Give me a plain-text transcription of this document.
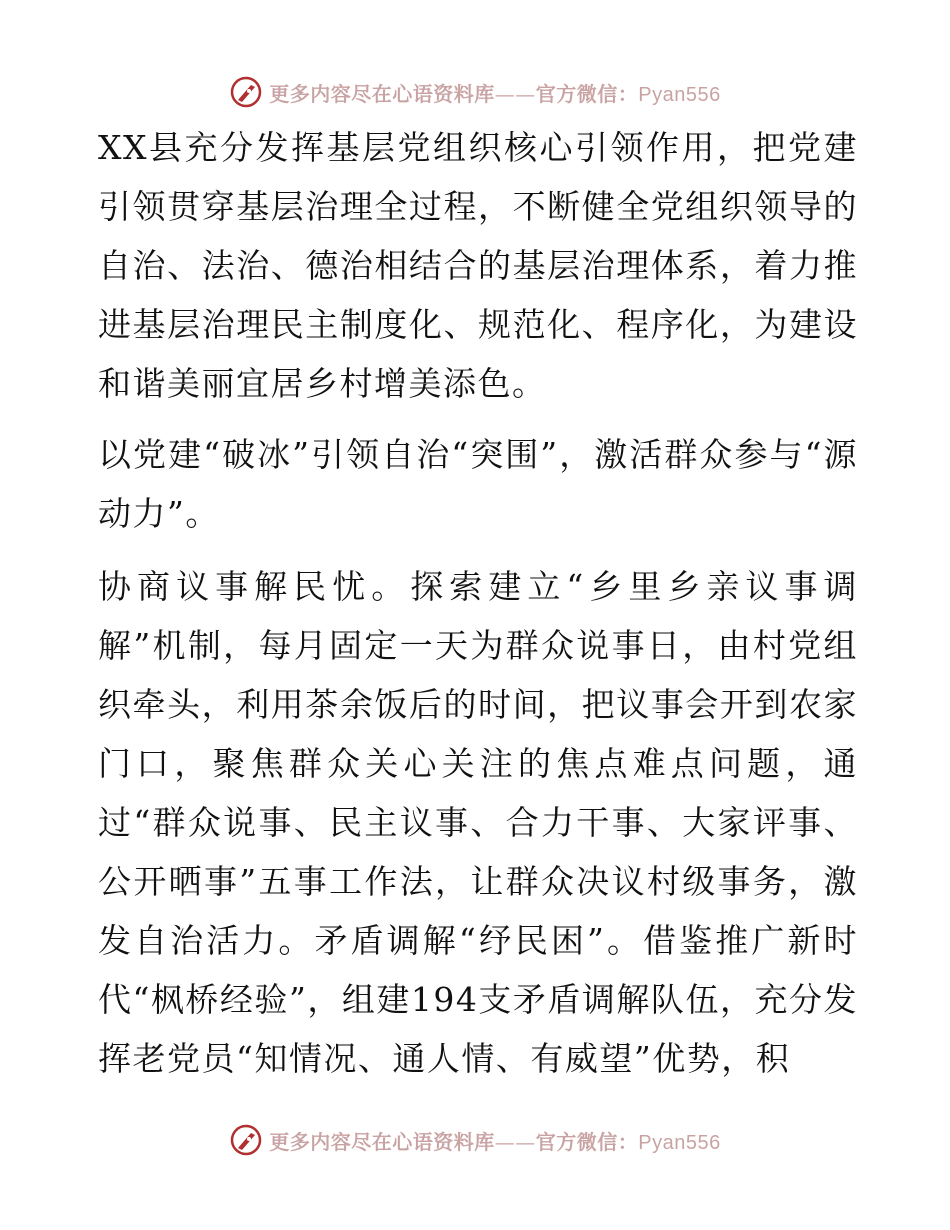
更多内容尽在心语资料库——官方微信：Pyan556

XX县充分发挥基层党组织核心引领作用，把党建引领贯穿基层治理全过程，不断健全党组织领导的自治、法治、德治相结合的基层治理体系，着力推进基层治理民主制度化、规范化、程序化，为建设和谐美丽宜居乡村增美添色。

以党建“破冰”引领自治“突围”，激活群众参与“源动力”。

协商议事解民忧。探索建立“乡里乡亲议事调解”机制，每月固定一天为群众说事日，由村党组织牵头，利用茶余饭后的时间，把议事会开到农家门口，聚焦群众关心关注的焦点难点问题，通过“群众说事、民主议事、合力干事、大家评事、公开晒事”五事工作法，让群众决议村级事务，激发自治活力。矛盾调解“纾民困”。借鉴推广新时代“枫桥经验”，组建194支矛盾调解队伍，充分发挥老党员“知情况、通人情、有威望”优势，积

更多内容尽在心语资料库——官方微信：Pyan556
